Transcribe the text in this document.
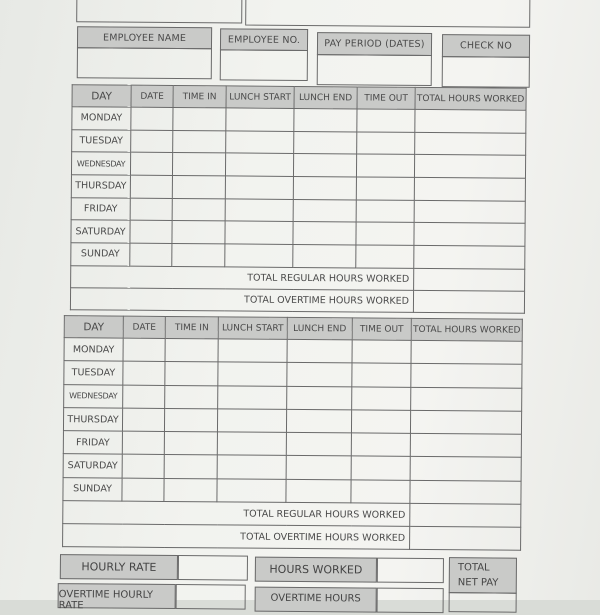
EMPLOYEE NAME	EMPLOYEE NO.	PAY PERIOD (DATES)	CHECK NO
DAY	DATE	TIME IN	LUNCH START	LUNCH END	TIME OUT	TOTAL HOURS WORKED
MONDAY						
TUESDAY						
WEDNESDAY						
THURSDAY						
FRIDAY						
SATURDAY						
SUNDAY						
TOTAL REGULAR HOURS WORKED						
TOTAL OVERTIME HOURS WORKED						
DAY	DATE	TIME IN	LUNCH START	LUNCH END	TIME OUT	TOTAL HOURS WORKED
MONDAY						
TUESDAY						
WEDNESDAY						
THURSDAY						
FRIDAY						
SATURDAY						
SUNDAY						
TOTAL REGULAR HOURS WORKED						
TOTAL OVERTIME HOURS WORKED						
HOURLY RATE	HOURS WORKED	TOTAL NET PAY
OVERTIME HOURLY RATE
OVERTIME HOURS
